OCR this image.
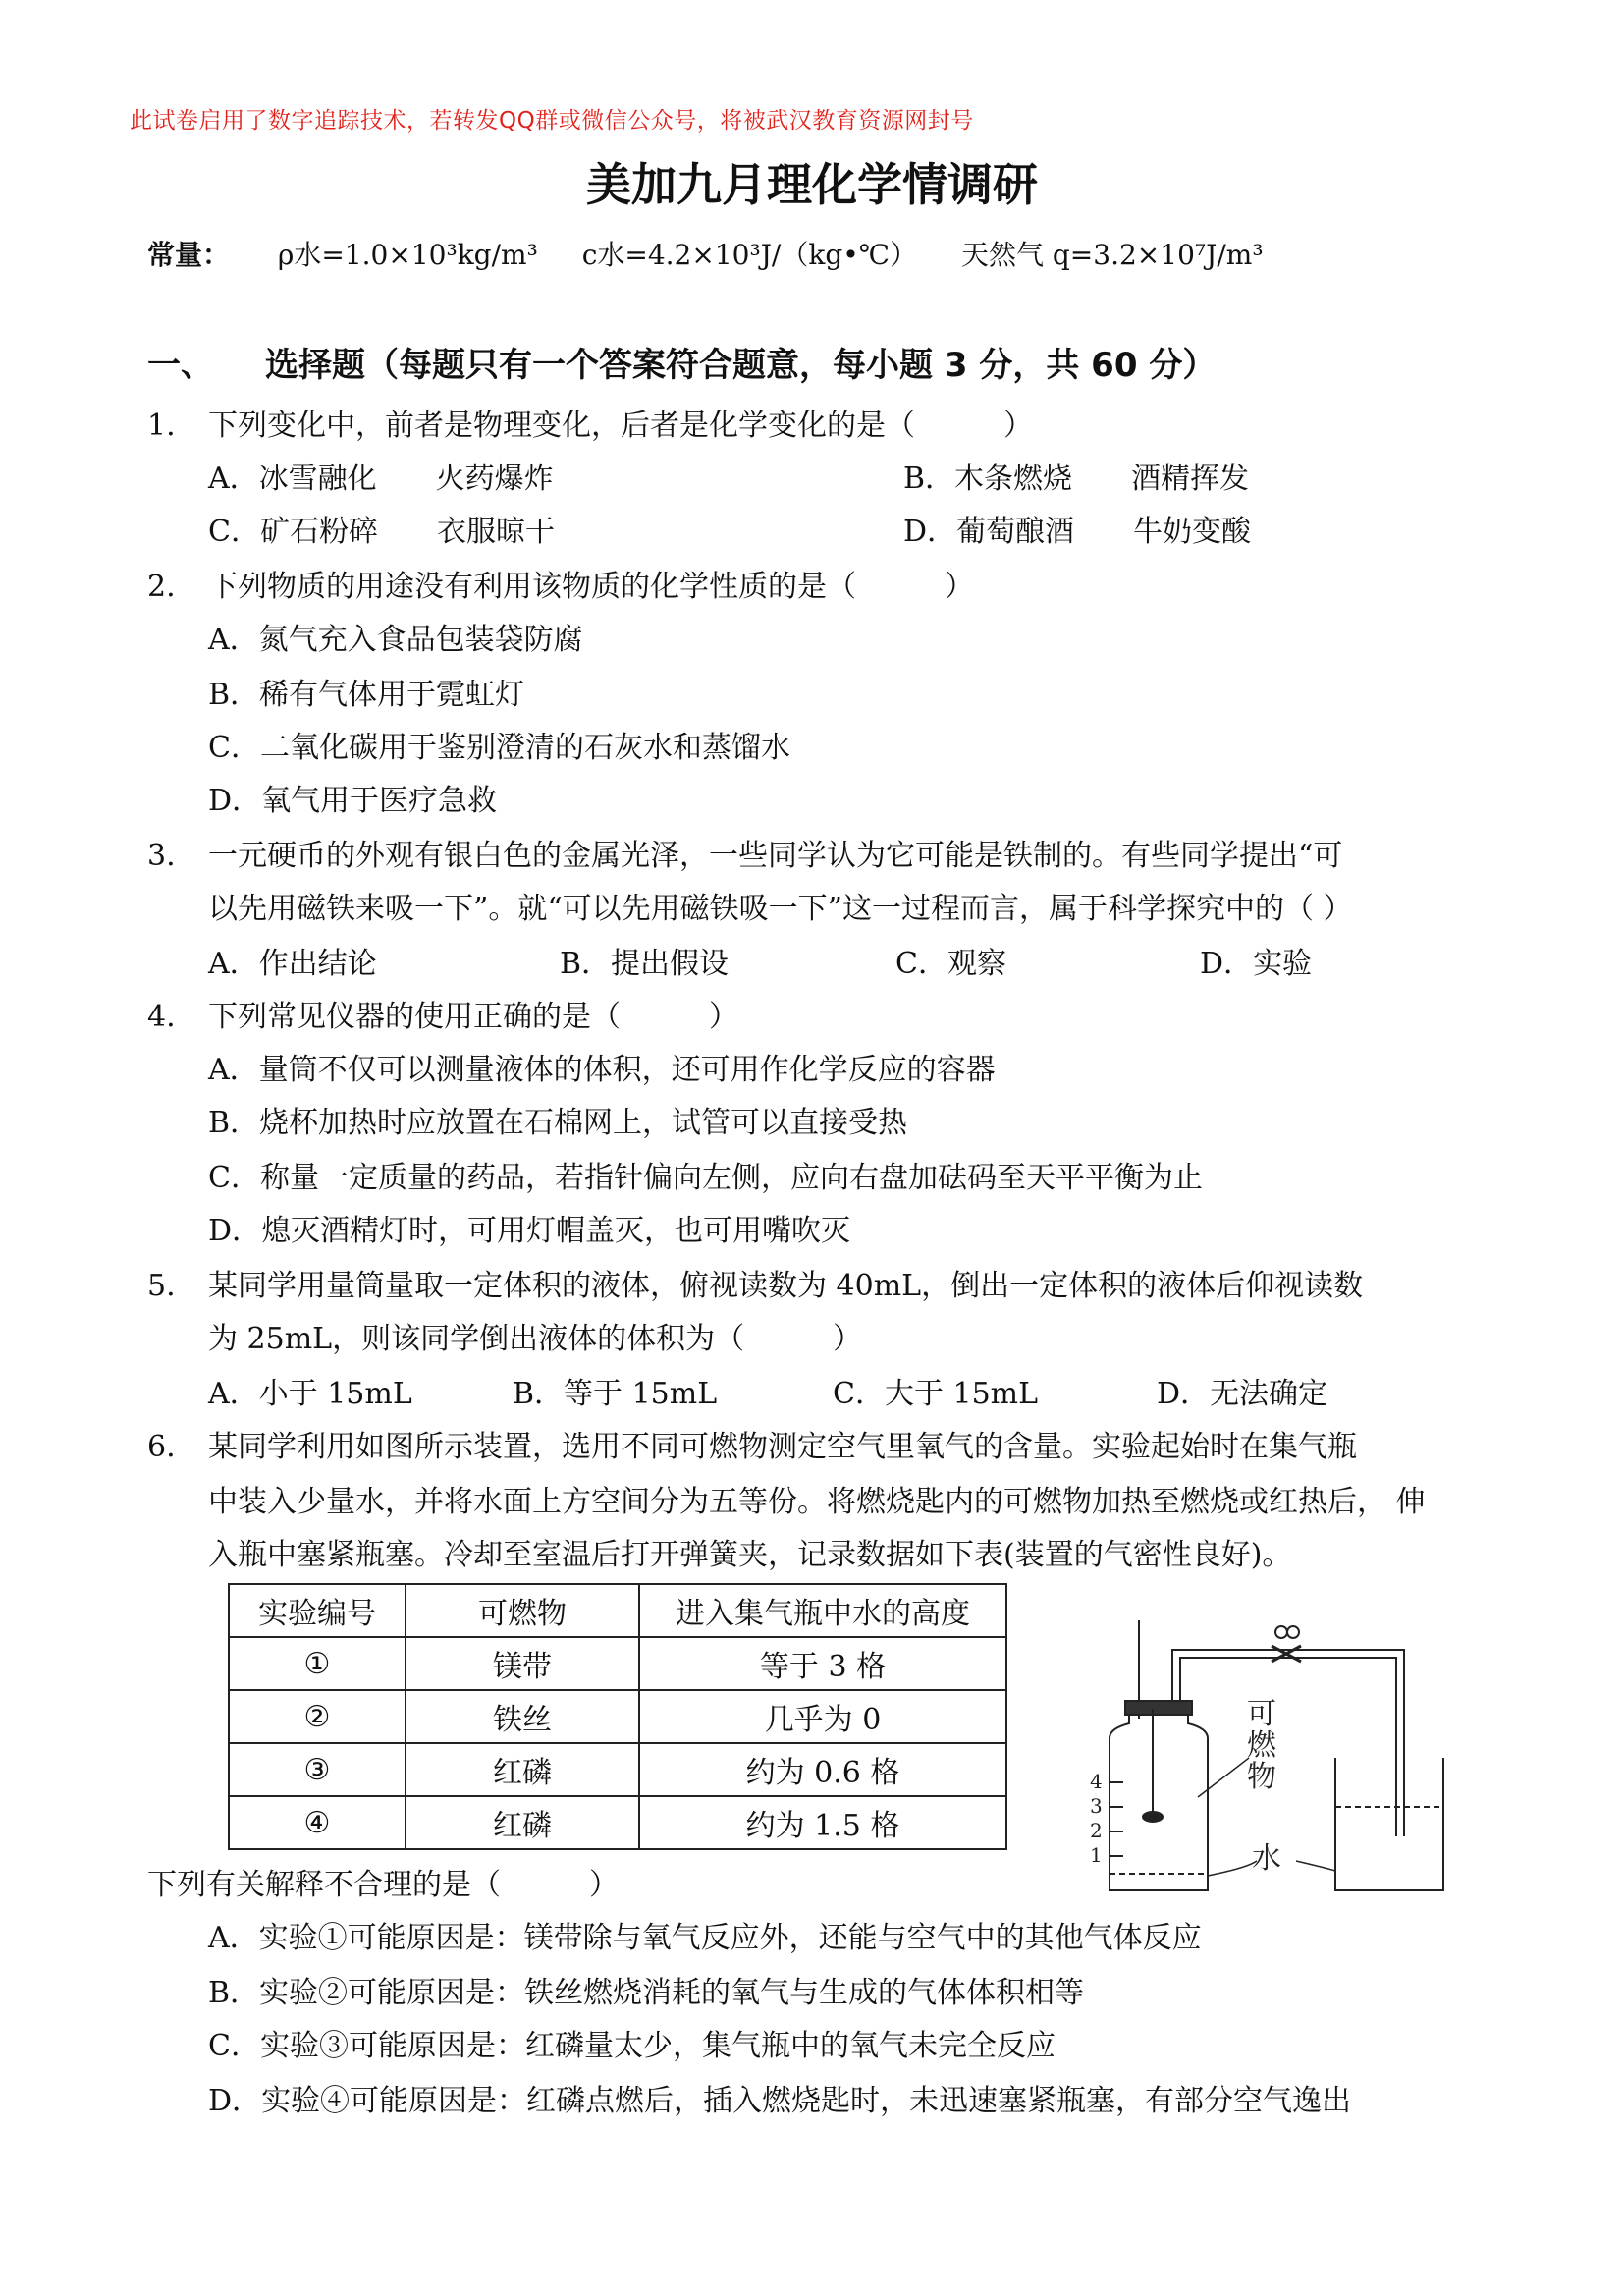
此试卷启用了数字追踪技术，若转发QQ群或微信公众号，将被武汉教育资源网封号
美加九月理化学情调研
常量： ρ水=1.0×10³kg/m³ c水=4.2×10³J/（kg•℃） 天然气 q=3.2×10⁷J/m³
一、 选择题（每题只有一个答案符合题意，每小题 3 分，共 60 分）
1. 下列变化中，前者是物理变化，后者是化学变化的是（　　　）
A．冰雪融化　　火药爆炸	B．木条燃烧　　酒精挥发
C．矿石粉碎　　衣服晾干	D．葡萄酿酒　　牛奶变酸
2. 下列物质的用途没有利用该物质的化学性质的是（　　　）
A．氮气充入食品包装袋防腐
B．稀有气体用于霓虹灯
C．二氧化碳用于鉴别澄清的石灰水和蒸馏水
D．氧气用于医疗急救
3. 一元硬币的外观有银白色的金属光泽，一些同学认为它可能是铁制的。有些同学提出“可
以先用磁铁来吸一下”。就“可以先用磁铁吸一下”这一过程而言，属于科学探究中的（ ）
A．作出结论	B．提出假设	C．观察	D．实验
4. 下列常见仪器的使用正确的是（　　　）
A．量筒不仅可以测量液体的体积，还可用作化学反应的容器
B．烧杯加热时应放置在石棉网上，试管可以直接受热
C．称量一定质量的药品，若指针偏向左侧，应向右盘加砝码至天平平衡为止
D．熄灭酒精灯时，可用灯帽盖灭，也可用嘴吹灭
5. 某同学用量筒量取一定体积的液体，俯视读数为 40mL，倒出一定体积的液体后仰视读数
为 25mL，则该同学倒出液体的体积为（　　　）
A．小于 15mL	B．等于 15mL	C．大于 15mL	D．无法确定
6. 某同学利用如图所示装置，选用不同可燃物测定空气里氧气的含量。实验起始时在集气瓶
中装入少量水，并将水面上方空间分为五等份。将燃烧匙内的可燃物加热至燃烧或红热后， 伸
入瓶中塞紧瓶塞。冷却至室温后打开弹簧夹，记录数据如下表(装置的气密性良好)。
实验编号	可燃物	进入集气瓶中水的高度
①	镁带	等于 3 格
②	铁丝	几乎为 0
③	红磷	约为 0.6 格
④	红磷	约为 1.5 格
4
3
2
1
可燃物
水
下列有关解释不合理的是（　　　）
A．实验①可能原因是：镁带除与氧气反应外，还能与空气中的其他气体反应
B．实验②可能原因是：铁丝燃烧消耗的氧气与生成的气体体积相等
C．实验③可能原因是：红磷量太少，集气瓶中的氧气未完全反应
D．实验④可能原因是：红磷点燃后，插入燃烧匙时，未迅速塞紧瓶塞，有部分空气逸出
